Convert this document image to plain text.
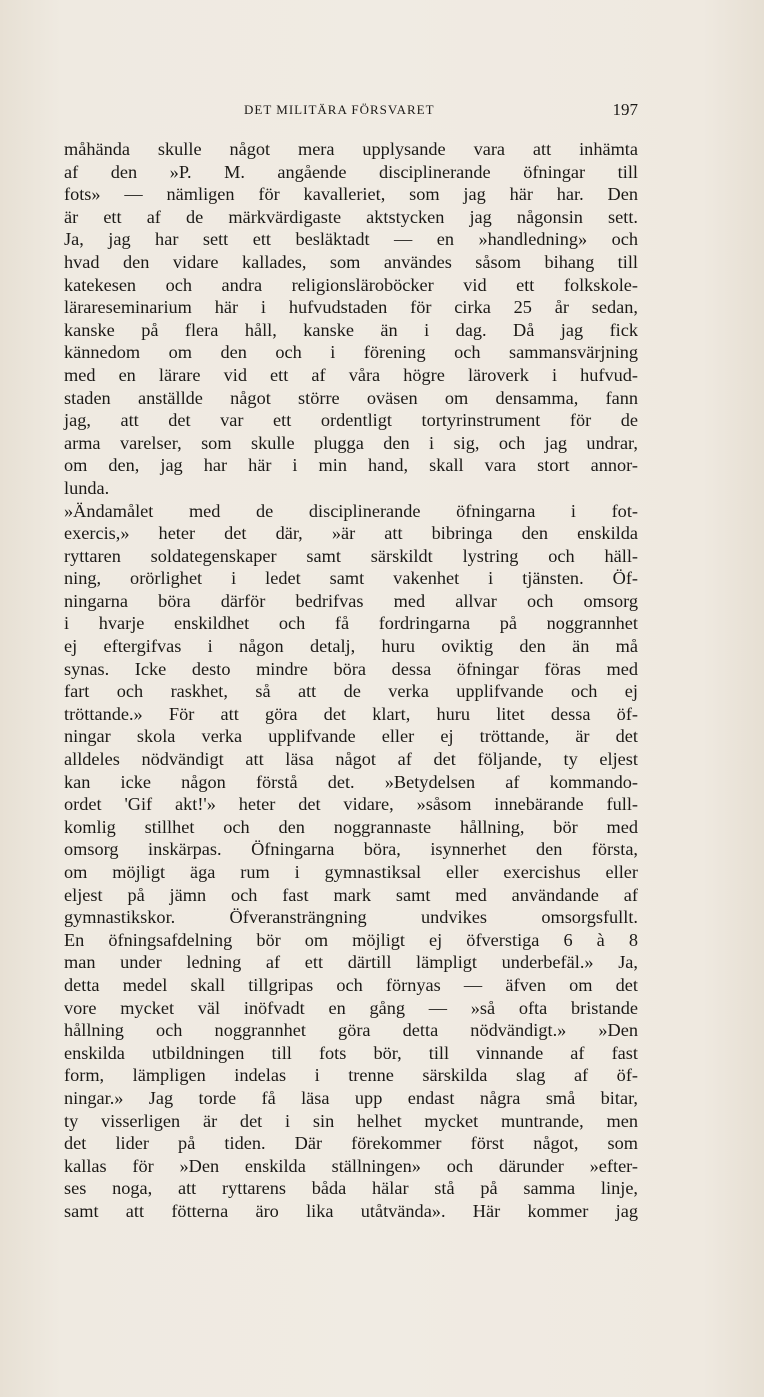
DET MILITÄRA FÖRSVARET	197
måhända skulle något mera upplysande vara att inhämta
af den »P. M. angående disciplinerande öfningar till
fots» — nämligen för kavalleriet, som jag här har. Den
är ett af de märkvärdigaste aktstycken jag någonsin sett.
Ja, jag har sett ett besläktadt — en »handledning» och
hvad den vidare kallades, som användes såsom bihang till
katekesen och andra religionsläroböcker vid ett folkskole-
lärareseminarium här i hufvudstaden för cirka 25 år sedan,
kanske på flera håll, kanske än i dag. Då jag fick
kännedom om den och i förening och sammansvärjning
med en lärare vid ett af våra högre läroverk i hufvud-
staden anställde något större oväsen om densamma, fann
jag, att det var ett ordentligt tortyrinstrument för de
arma varelser, som skulle plugga den i sig, och jag undrar,
om den, jag har här i min hand, skall vara stort annor-
lunda.
»Ändamålet med de disciplinerande öfningarna i fot-
exercis,» heter det där, »är att bibringa den enskilda
ryttaren soldategenskaper samt särskildt lystring och häll-
ning, orörlighet i ledet samt vakenhet i tjänsten. Öf-
ningarna böra därför bedrifvas med allvar och omsorg
i hvarje enskildhet och få fordringarna på noggrannhet
ej eftergifvas i någon detalj, huru oviktig den än må
synas. Icke desto mindre böra dessa öfningar föras med
fart och raskhet, så att de verka upplifvande och ej
tröttande.» För att göra det klart, huru litet dessa öf-
ningar skola verka upplifvande eller ej tröttande, är det
alldeles nödvändigt att läsa något af det följande, ty eljest
kan icke någon förstå det. »Betydelsen af kommando-
ordet 'Gif akt!'» heter det vidare, »såsom innebärande full-
komlig stillhet och den noggrannaste hållning, bör med
omsorg inskärpas. Öfningarna böra, isynnerhet den första,
om möjligt äga rum i gymnastiksal eller exercishus eller
eljest på jämn och fast mark samt med användande af
gymnastikskor. Öfveransträngning undvikes omsorgsfullt.
En öfningsafdelning bör om möjligt ej öfverstiga 6 à 8
man under ledning af ett därtill lämpligt underbefäl.» Ja,
detta medel skall tillgripas och förnyas — äfven om det
vore mycket väl inöfvadt en gång — »så ofta bristande
hållning och noggrannhet göra detta nödvändigt.» »Den
enskilda utbildningen till fots bör, till vinnande af fast
form, lämpligen indelas i trenne särskilda slag af öf-
ningar.» Jag torde få läsa upp endast några små bitar,
ty visserligen är det i sin helhet mycket muntrande, men
det lider på tiden. Där förekommer först något, som
kallas för »Den enskilda ställningen» och därunder »efter-
ses noga, att ryttarens båda hälar stå på samma linje,
samt att fötterna äro lika utåtvända». Här kommer jag
